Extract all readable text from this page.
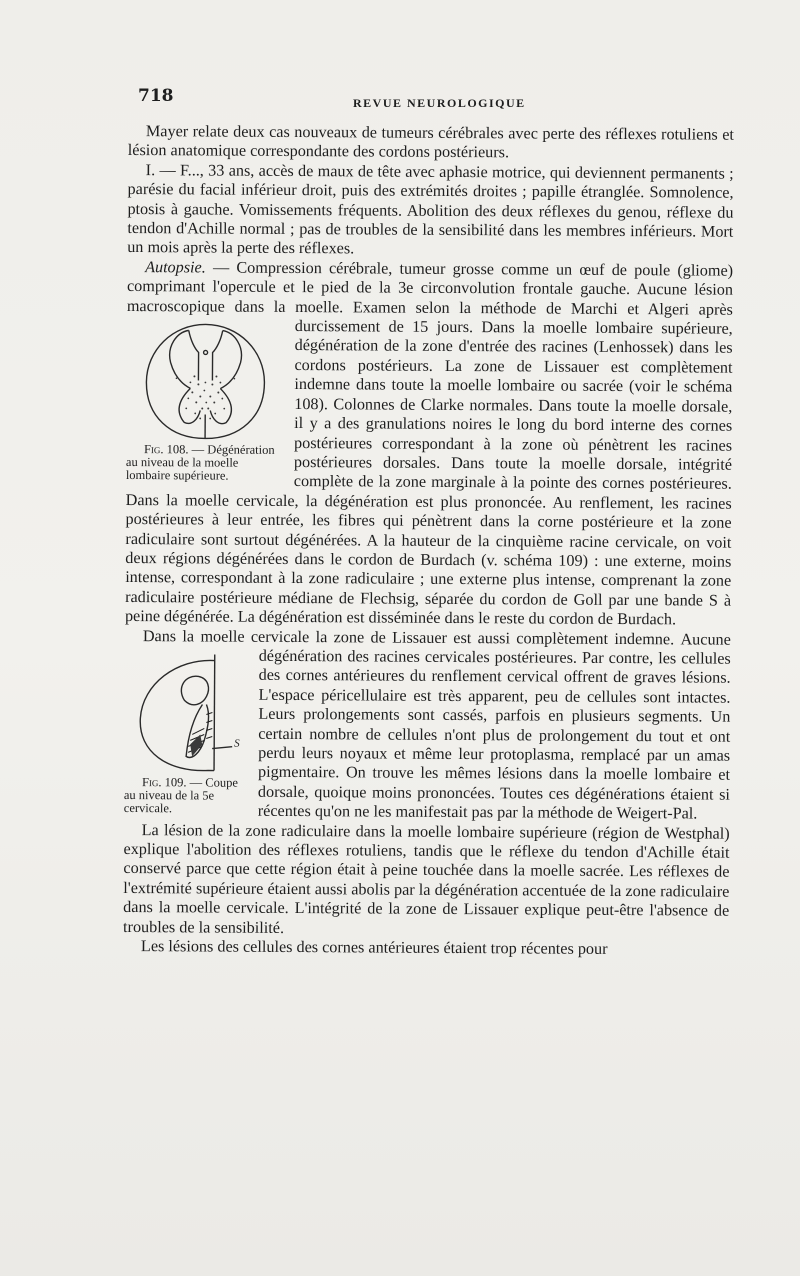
718	REVUE NEUROLOGIQUE

Mayer relate deux cas nouveaux de tumeurs cérébrales avec perte des réflexes rotuliens et lésion anatomique correspondante des cordons postérieurs.

I. — F..., 33 ans, accès de maux de tête avec aphasie motrice, qui deviennent permanents ; parésie du facial inférieur droit, puis des extrémités droites ; papille étranglée. Somnolence, ptosis à gauche. Vomissements fréquents. Abolition des deux réflexes du genou, réflexe du tendon d'Achille normal ; pas de troubles de la sensibilité dans les membres inférieurs. Mort un mois après la perte des réflexes.

Autopsie. — Compression cérébrale, tumeur grosse comme un œuf de poule (gliome) comprimant l'opercule et le pied de la 3e circonvolution frontale gauche. Aucune lésion macroscopique dans la moelle. Examen selon la méthode de Marchi et Algeri après durcissement de 15 jours. Dans la moelle lombaire supérieure,
Fig. 108. — Dégénération au niveau de la moelle lombaire supérieure.
dégénération de la zone d'entrée des racines (Lenhossek) dans les cordons postérieurs. La zone de Lissauer est complètement indemne dans toute la moelle lombaire ou sacrée (voir le schéma 108). Colonnes de Clarke normales. Dans toute la moelle dorsale, il y a des granulations noires le long du bord interne des cornes postérieures correspondant à la zone où pénètrent les racines postérieures dorsales. Dans toute la moelle dorsale, intégrité complète de la zone marginale à la pointe des cornes postérieures. Dans la moelle cervicale, la dégénération est plus prononcée. Au renflement, les racines postérieures à leur entrée, les fibres qui pénètrent dans la corne postérieure et la zone radiculaire sont surtout dégénérées. A la hauteur de la cinquième racine cervicale, on voit deux régions dégénérées dans le cordon de Burdach (v. schéma 109) : une externe, moins intense, correspondant à la zone radiculaire ; une externe plus intense, comprenant la zone radiculaire postérieure médiane de Flechsig, séparée du cordon de Goll par une bande S à peine dégénérée. La dégénération est disséminée dans le reste du cordon de Burdach.

Dans la moelle cervicale la zone de Lissauer est aussi complètement indemne.
S
Fig. 109. — Coupe au niveau de la 5e cervicale.
Aucune dégénération des racines cervicales postérieures. Par contre, les cellules des cornes antérieures du renflement cervical offrent de graves lésions. L'espace péricellulaire est très apparent, peu de cellules sont intactes. Leurs prolongements sont cassés, parfois en plusieurs segments. Un certain nombre de cellules n'ont plus de prolongement du tout et ont perdu leurs noyaux et même leur protoplasma, remplacé par un amas pigmentaire. On trouve les mêmes lésions dans la moelle lombaire et dorsale, quoique moins prononcées. Toutes ces dégénérations étaient si récentes qu'on ne les manifestait pas par la méthode de Weigert-Pal.

La lésion de la zone radiculaire dans la moelle lombaire supérieure (région de Westphal) explique l'abolition des réflexes rotuliens, tandis que le réflexe du tendon d'Achille était conservé parce que cette région était à peine touchée dans la moelle sacrée. Les réflexes de l'extrémité supérieure étaient aussi abolis par la dégénération accentuée de la zone radiculaire dans la moelle cervicale. L'intégrité de la zone de Lissauer explique peut-être l'absence de troubles de la sensibilité.

Les lésions des cellules des cornes antérieures étaient trop récentes pour
